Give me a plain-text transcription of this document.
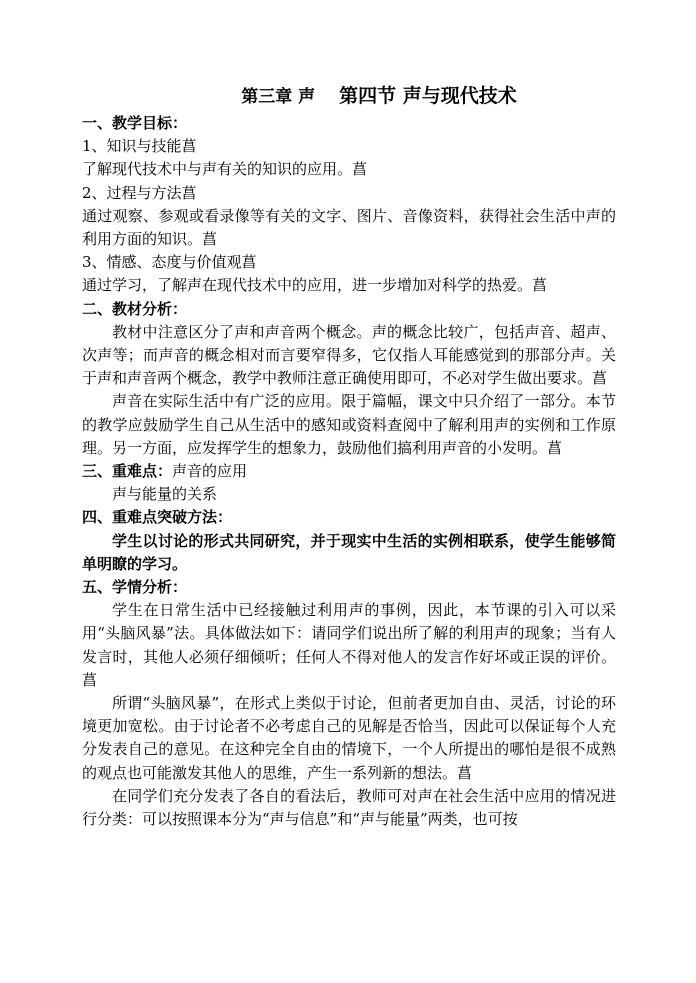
第三章 声 第四节 声与现代技术

一、教学目标：

1、知识与技能菖

了解现代技术中与声有关的知识的应用。菖

2、过程与方法菖

通过观察、参观或看录像等有关的文字、图片、音像资料，获得社会生活中声的利用方面的知识。菖

3、情感、态度与价值观菖

通过学习，了解声在现代技术中的应用，进一步增加对科学的热爱。菖

二、教材分析：

教材中注意区分了声和声音两个概念。声的概念比较广，包括声音、超声、次声等；而声音的概念相对而言要窄得多，它仅指人耳能感觉到的那部分声。关于声和声音两个概念，教学中教师注意正确使用即可，不必对学生做出要求。菖

声音在实际生活中有广泛的应用。限于篇幅，课文中只介绍了一部分。本节的教学应鼓励学生自己从生活中的感知或资料查阅中了解利用声的实例和工作原理。另一方面，应发挥学生的想象力，鼓励他们搞利用声音的小发明。菖

三、重难点：声音的应用

声与能量的关系

四、重难点突破方法：

学生以讨论的形式共同研究，并于现实中生活的实例相联系，使学生能够简单明瞭的学习。

五、学情分析：

学生在日常生活中已经接触过利用声的事例，因此，本节课的引入可以采用“头脑风暴”法。具体做法如下：请同学们说出所了解的利用声的现象；当有人发言时，其他人必须仔细倾听；任何人不得对他人的发言作好坏或正误的评价。菖

所谓“头脑风暴”，在形式上类似于讨论，但前者更加自由、灵活，讨论的环境更加宽松。由于讨论者不必考虑自己的见解是否恰当，因此可以保证每个人充分发表自己的意见。在这种完全自由的情境下，一个人所提出的哪怕是很不成熟的观点也可能激发其他人的思维，产生一系列新的想法。菖

在同学们充分发表了各自的看法后，教师可对声在社会生活中应用的情况进行分类：可以按照课本分为“声与信息”和“声与能量”两类，也可按
